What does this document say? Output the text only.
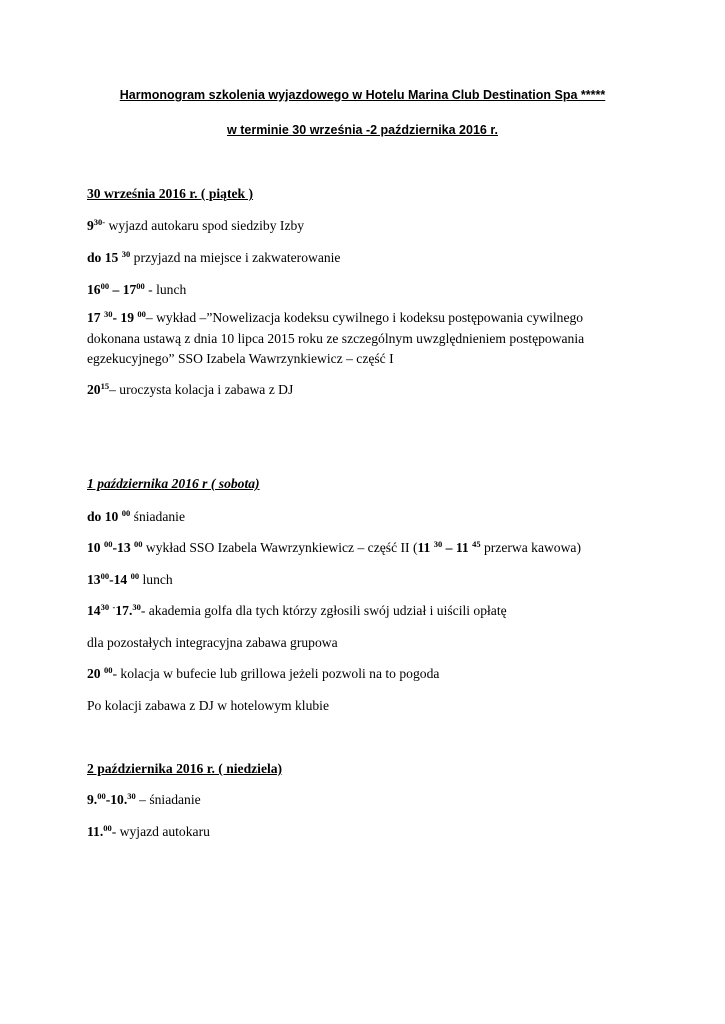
Harmonogram szkolenia wyjazdowego w Hotelu Marina Club Destination Spa *****
w terminie 30 września -2 października 2016 r.
30 września 2016 r. ( piątek )
$9^{30-}$ wyjazd autokaru spod siedziby Izby
do 15 $^{30}$ przyjazd na miejsce i zakwaterowanie
$16^{00} - 17^{00}$ - lunch
17 $^{30}$- 19 $^{00}$– wykład –”Nowelizacja kodeksu cywilnego i kodeksu postępowania cywilnego dokonana ustawą z dnia 10 lipca 2015 roku ze szczególnym uwzględnieniem postępowania egzekucyjnego” SSO Izabela Wawrzynkiewicz – część I
$20^{15}-$ uroczysta kolacja i zabawa z DJ
1 października 2016 r ( sobota)
do 10 $^{00}$ śniadanie
10 $^{00}$-13 $^{00}$ wykład SSO Izabela Wawrzynkiewicz – część II (11 $^{30}$ – 11 $^{45}$ przerwa kawowa)
$13^{00}-14$ $^{00}$ lunch
$14^{30}$ -17.30- akademia golfa dla tych którzy zgłosili swój udział i uiścili opłatę
dla pozostałych integracyjna zabawa grupowa
20 $^{00}$- kolacja w bufecie lub grillowa jeżeli pozwoli na to pogoda
Po kolacji zabawa z DJ w hotelowym klubie
2 października 2016 r. ( niedziela)
9.00-10.30 – śniadanie
11.00- wyjazd autokaru
